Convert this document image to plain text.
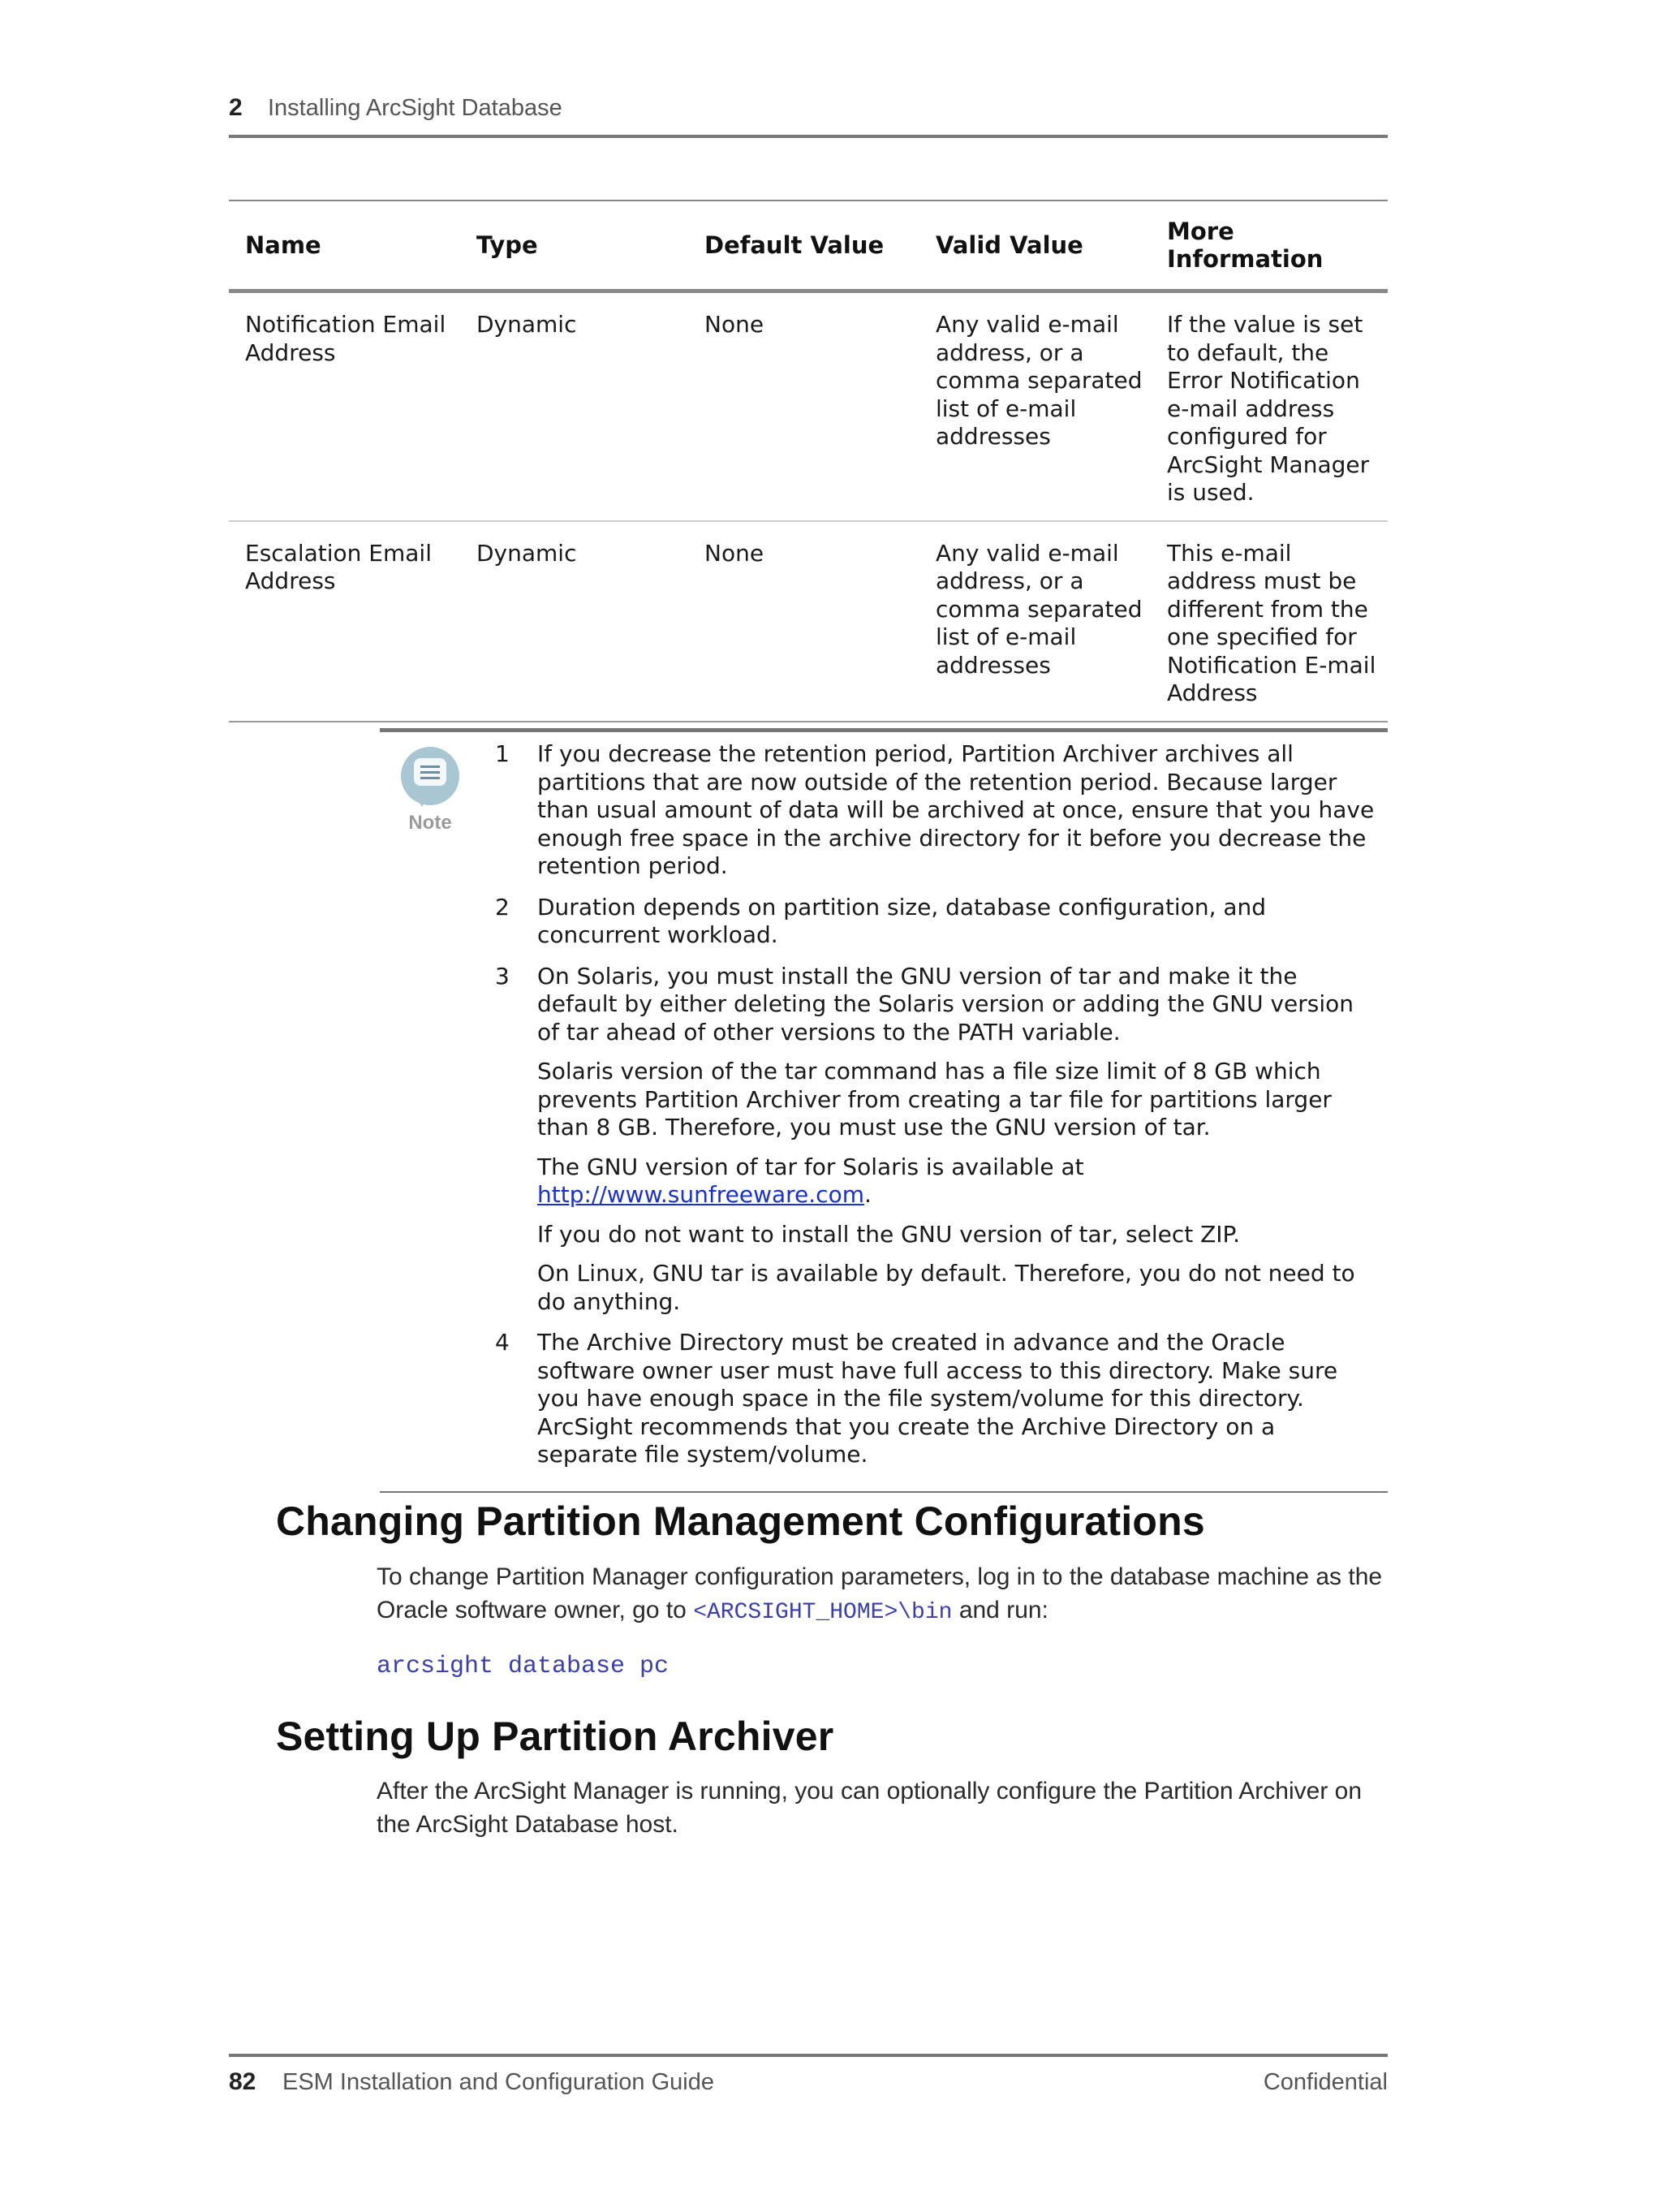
2 Installing ArcSight Database
Name	Type	Default Value	Valid Value	More Information
Notification Email Address	Dynamic	None	Any valid e-mail address, or a comma separated list of e-mail addresses	If the value is set to default, the Error Notification e-mail address configured for ArcSight Manager is used.
Escalation Email Address	Dynamic	None	Any valid e-mail address, or a comma separated list of e-mail addresses	This e-mail address must be different from the one specified for Notification E-mail Address
Note
1 If you decrease the retention period, Partition Archiver archives all partitions that are now outside of the retention period. Because larger than usual amount of data will be archived at once, ensure that you have enough free space in the archive directory for it before you decrease the retention period.

2 Duration depends on partition size, database configuration, and concurrent workload.

3 On Solaris, you must install the GNU version of tar and make it the default by either deleting the Solaris version or adding the GNU version of tar ahead of other versions to the PATH variable.

Solaris version of the tar command has a file size limit of 8 GB which prevents Partition Archiver from creating a tar file for partitions larger than 8 GB. Therefore, you must use the GNU version of tar.

The GNU version of tar for Solaris is available at http://www.sunfreeware.com.

If you do not want to install the GNU version of tar, select ZIP.

On Linux, GNU tar is available by default. Therefore, you do not need to do anything.

4 The Archive Directory must be created in advance and the Oracle software owner user must have full access to this directory. Make sure you have enough space in the file system/volume for this directory. ArcSight recommends that you create the Archive Directory on a separate file system/volume.

Changing Partition Management Configurations

To change Partition Manager configuration parameters, log in to the database machine as the Oracle software owner, go to <ARCSIGHT_HOME>\bin and run:

arcsight database pc
Setting Up Partition Archiver

After the ArcSight Manager is running, you can optionally configure the Partition Archiver on the ArcSight Database host.

82 ESM Installation and Configuration Guide	Confidential
